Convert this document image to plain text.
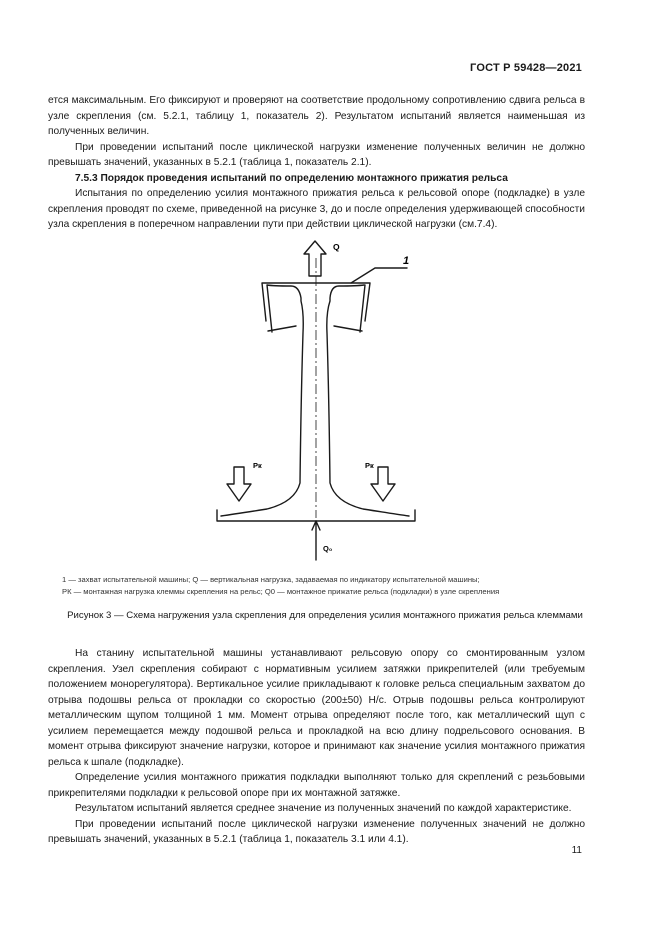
ГОСТ Р 59428—2021

ется максимальным. Его фиксируют и проверяют на соответствие продольному сопротивлению сдвига рельса в узле скрепления (см. 5.2.1, таблицу 1, показатель 2). Результатом испытаний является наименьшая из полученных величин.

При проведении испытаний после циклической нагрузки изменение полученных величин не должно превышать значений, указанных в 5.2.1 (таблица 1, показатель 2.1).

7.5.3 Порядок проведения испытаний по определению монтажного прижатия рельса

Испытания по определению усилия монтажного прижатия рельса к рельсовой опоре (подкладке) в узле скрепления проводят по схеме, приведенной на рисунке 3, до и после определения удерживающей способности узла скрепления в поперечном направлении пути при действии циклической нагрузки (см.7.4).

Q
1
Pк	Pк
Q₀
1 — захват испытательной машины; Q — вертикальная нагрузка, задаваемая по индикатору испытательной машины;
PК — монтажная нагрузка клеммы скрепления на рельс; Q0 — монтажное прижатие рельса (подкладки) в узле скрепления
Рисунок 3 — Схема нагружения узла скрепления для определения усилия монтажного прижатия рельса клеммами

На станину испытательной машины устанавливают рельсовую опору со смонтированным узлом скрепления. Узел скрепления собирают с нормативным усилием затяжки прикрепителей (или требуемым положением монорегулятора). Вертикальное усилие прикладывают к головке рельса специальным захватом до отрыва подошвы рельса от прокладки со скоростью (200±50) Н/с. Отрыв подошвы рельса контролируют металлическим щупом толщиной 1 мм. Момент отрыва определяют после того, как металлический щуп с усилием перемещается между подошвой рельса и прокладкой на всю длину подрельсового основания. В момент отрыва фиксируют значение нагрузки, которое и принимают как значение усилия монтажного прижатия рельса к шпале (подкладке).

Определение усилия монтажного прижатия подкладки выполняют только для скреплений с резьбовыми прикрепителями подкладки к рельсовой опоре при их монтажной затяжке.

Результатом испытаний является среднее значение из полученных значений по каждой характеристике.

При проведении испытаний после циклической нагрузки изменение полученных значений не должно превышать значений, указанных в 5.2.1 (таблица 1, показатель 3.1 или 4.1).

11
